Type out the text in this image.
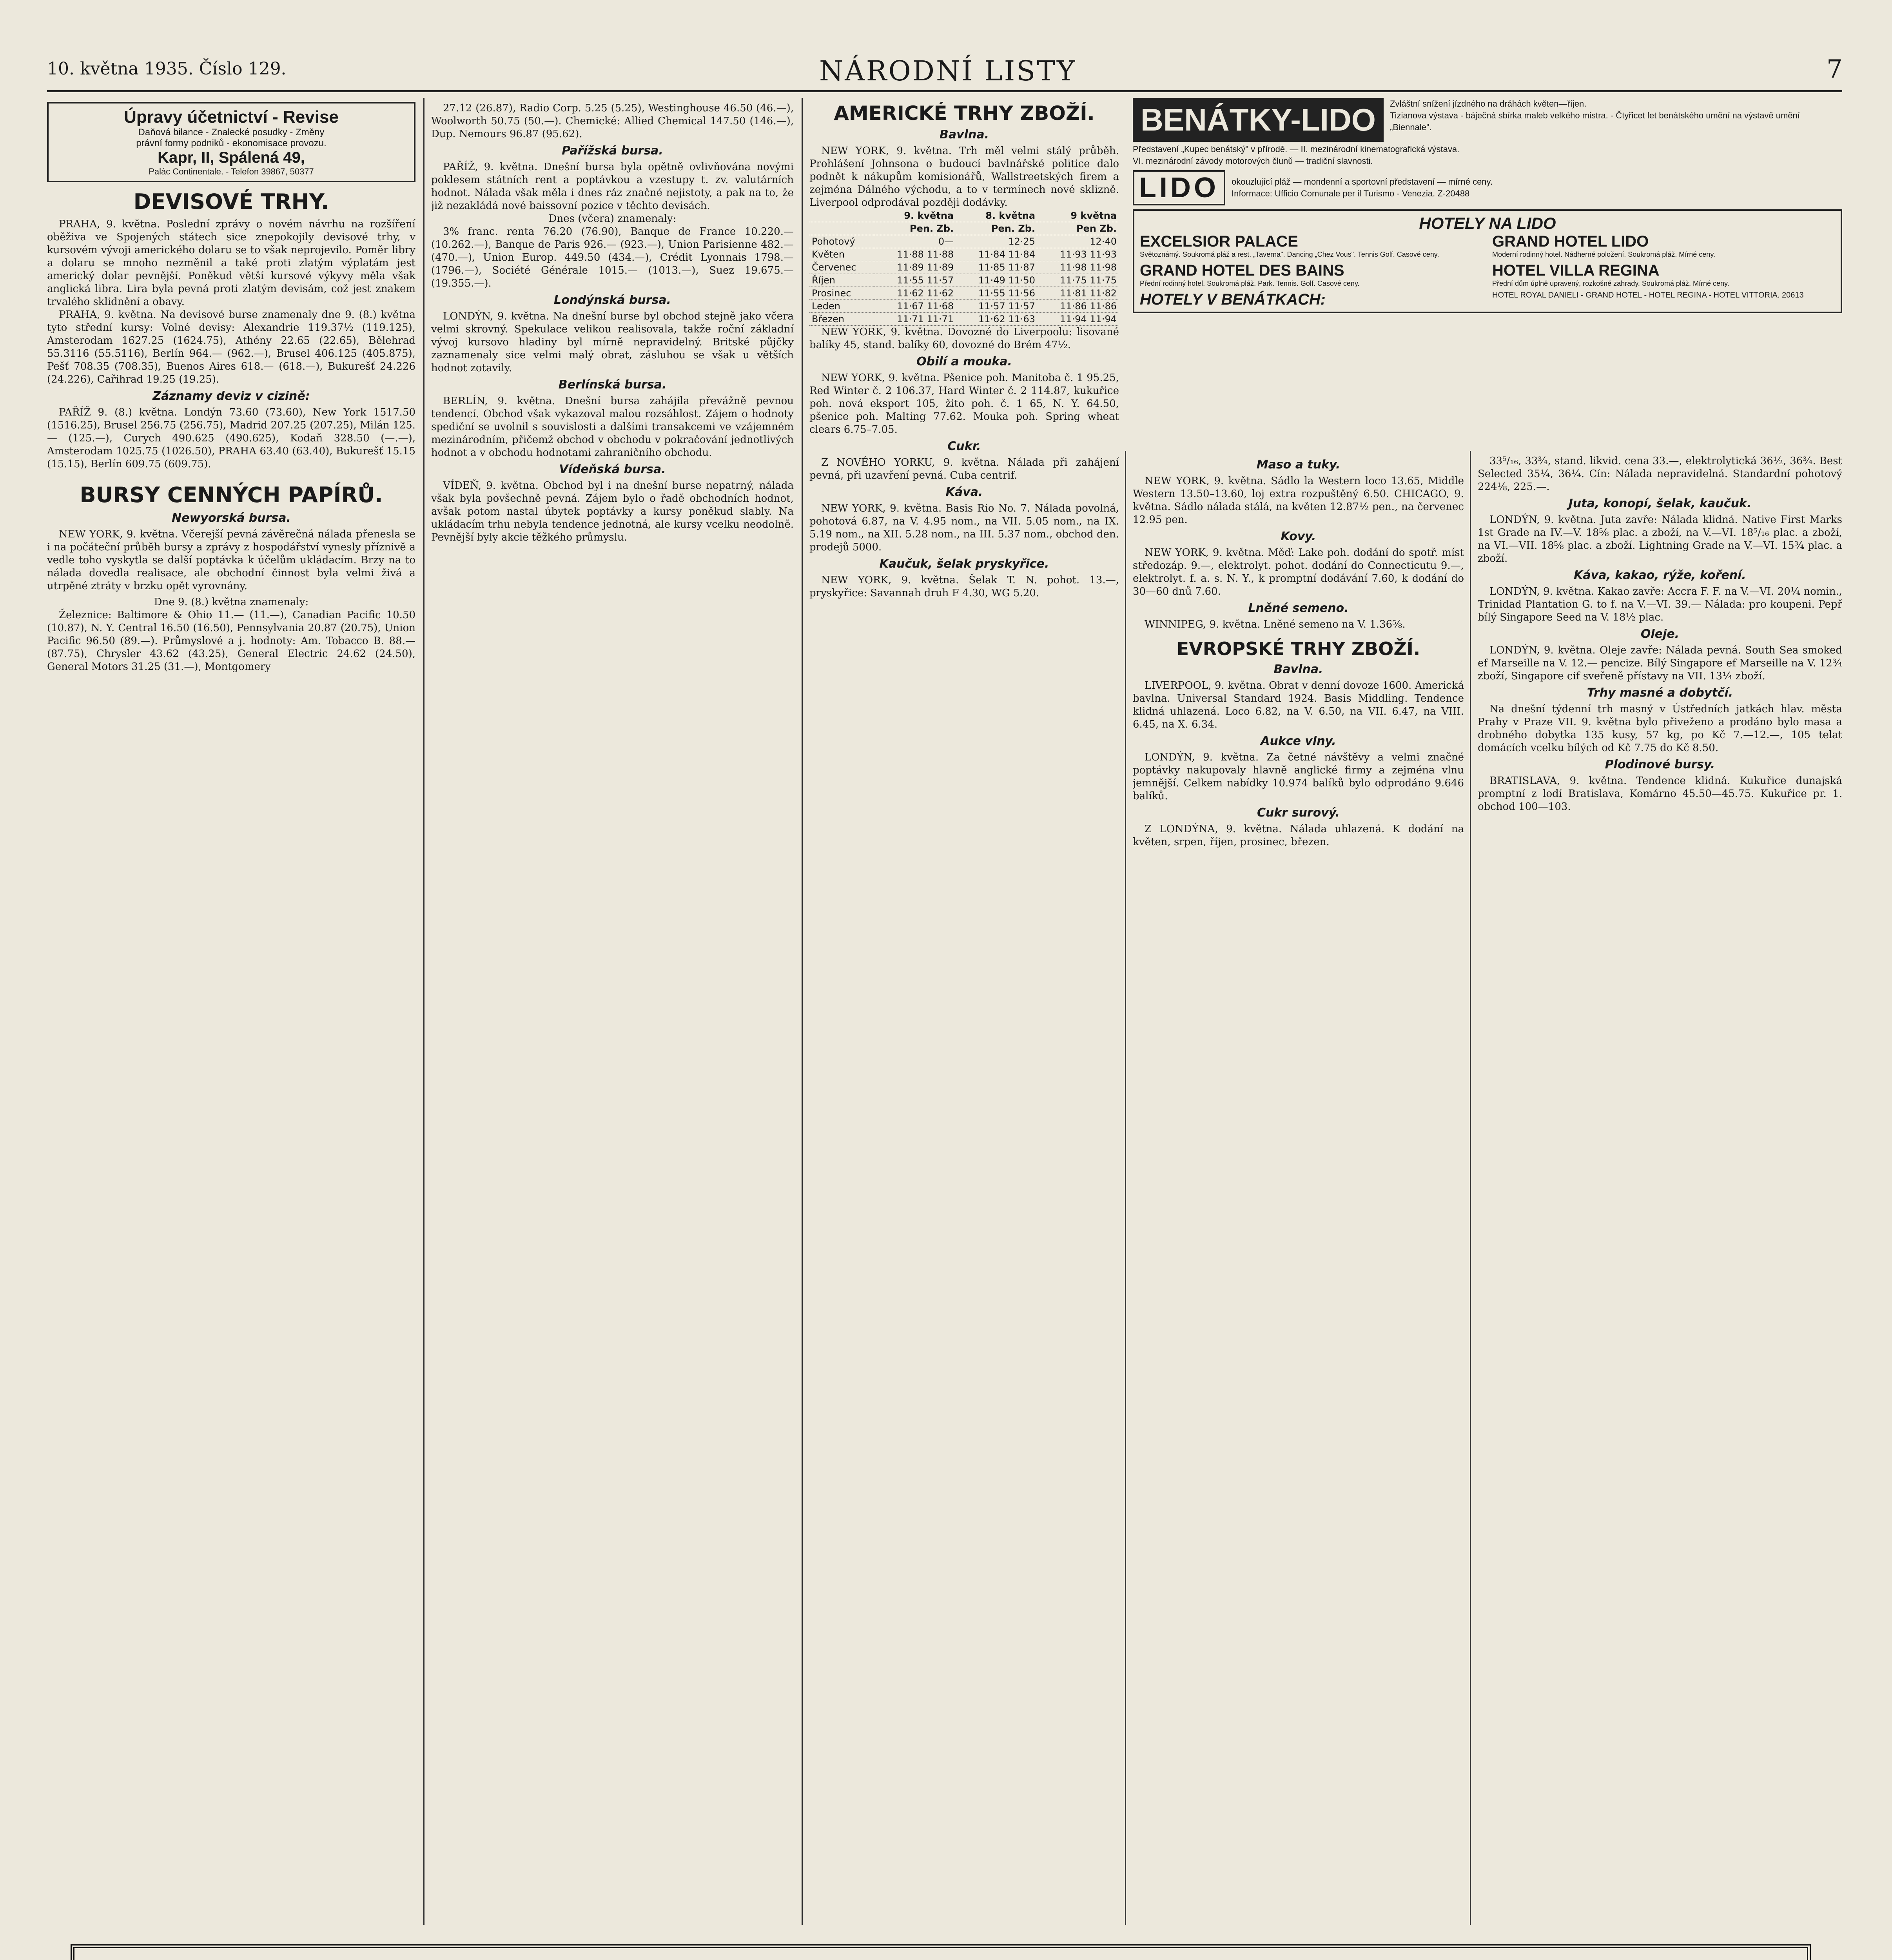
10. května 1935. Číslo 129.	NÁRODNÍ LISTY	7
Úpravy účetnictví - Revise
Daňová bilance - Znalecké posudky - Změny
právní formy podniků - ekonomisace provozu.
Kapr, II, Spálená 49,
Palác Continentale. - Telefon 39867, 50377
DEVISOVÉ TRHY.

PRAHA, 9. května. Poslední zprávy o novém návrhu na rozšíření oběživa ve Spojených státech sice znepokojily devisové trhy, v kursovém vývoji amerického dolaru se to však neprojevilo. Poměr libry a dolaru se mnoho nezměnil a také proti zlatým výplatám jest americký dolar pevnější. Poněkud větší kursové výkyvy měla však anglická libra. Lira byla pevná proti zlatým devisám, což jest znakem trvalého sklidnění a obavy.

PRAHA, 9. května. Na devisové burse znamenaly dne 9. (8.) května tyto střední kursy: Volné devisy: Alexandrie 119.37½ (119.125), Amsterodam 1627.25 (1624.75), Athény 22.65 (22.65), Bělehrad 55.3116 (55.5116), Berlín 964.— (962.—), Brusel 406.125 (405.875), Pešť 708.35 (708.35), Buenos Aires 618.— (618.—), Bukurešť 24.226 (24.226), Cařihrad 19.25 (19.25).

Záznamy deviz v cizině:

PAŘÍŽ 9. (8.) května. Londýn 73.60 (73.60), New York 1517.50 (1516.25), Brusel 256.75 (256.75), Madrid 207.25 (207.25), Milán 125.— (125.—), Curych 490.625 (490.625), Kodaň 328.50 (—.—), Amsterodam 1025.75 (1026.50), PRAHA 63.40 (63.40), Bukurešť 15.15 (15.15), Berlín 609.75 (609.75).

BURSY CENNÝCH PAPÍRŮ.
Newyorská bursa.

NEW YORK, 9. května. Včerejší pevná závěrečná nálada přenesla se i na počáteční průběh bursy a zprávy z hospodářství vynesly příznivě a vedle toho vyskytla se další poptávka k účelům ukládacím. Brzy na to nálada dovedla realisace, ale obchodní činnost byla velmi živá a utrpěné ztráty v brzku opět vyrovnány.

Dne 9. (8.) května znamenaly:

Železnice: Baltimore & Ohio 11.— (11.—), Canadian Pacific 10.50 (10.87), N. Y. Central 16.50 (16.50), Pennsylvania 20.87 (20.75), Union Pacific 96.50 (89.—). Průmyslové a j. hodnoty: Am. Tobacco B. 88.— (87.75), Chrysler 43.62 (43.25), General Electric 24.62 (24.50), General Motors 31.25 (31.—), Montgomery

27.12 (26.87), Radio Corp. 5.25 (5.25), Westinghouse 46.50 (46.—), Woolworth 50.75 (50.—). Chemické: Allied Chemical 147.50 (146.—), Dup. Nemours 96.87 (95.62).

Pařížská bursa.

PAŘÍŽ, 9. května. Dnešní bursa byla opětně ovlivňována novými poklesem státních rent a poptávkou a vzestupy t. zv. valutárních hodnot. Nálada však měla i dnes ráz značné nejistoty, a pak na to, že již nezakládá nové baissovní pozice v těchto devisách.

Dnes (včera) znamenaly:

3% franc. renta 76.20 (76.90), Banque de France 10.220.— (10.262.—), Banque de Paris 926.— (923.—), Union Parisienne 482.— (470.—), Union Europ. 449.50 (434.—), Crédit Lyonnais 1798.— (1796.—), Société Générale 1015.— (1013.—), Suez 19.675.— (19.355.—).

Londýnská bursa.

LONDÝN, 9. května. Na dnešní burse byl obchod stejně jako včera velmi skrovný. Spekulace velikou realisovala, takže roční základní vývoj kursovo hladiny byl mírně nepravidelný. Britské půjčky zaznamenaly sice velmi malý obrat, zásluhou se však u větších hodnot zotavily.

Berlínská bursa.

BERLÍN, 9. května. Dnešní bursa zahájila převážně pevnou tendencí. Obchod však vykazoval malou rozsáhlost. Zájem o hodnoty spediční se uvolnil s souvislosti a dalšími transakcemi ve vzájemném mezinárodním, přičemž obchod v obchodu v pokračování jednotlivých hodnot a v obchodu hodnotami zahraničního obchodu.

Vídeňská bursa.

VÍDEŇ, 9. května. Obchod byl i na dnešní burse nepatrný, nálada však byla povšechně pevná. Zájem bylo o řadě obchodních hodnot, avšak potom nastal úbytek poptávky a kursy poněkud slably. Na ukládacím trhu nebyla tendence jednotná, ale kursy vcelku neodolně. Pevnější byly akcie těžkého průmyslu.

AMERICKÉ TRHY ZBOŽÍ.
Bavlna.

NEW YORK, 9. května. Trh měl velmi stálý průběh. Prohlášení Johnsona o budoucí bavlnářské politice dalo podnět k nákupům komisionářů, Wallstreetských firem a zejména Dálného východu, a to v termínech nové sklizně. Liverpool odprodával později dodávky.

	9. května	8. května	9 května
	Pen. Zb.	Pen. Zb.	Pen Zb.
Pohotový	0—	12·25	12·40
Květen	11·88 11·88	11·84 11·84	11·93 11·93
Červenec	11·89 11·89	11·85 11·87	11·98 11·98
Říjen	11·55 11·57	11·49 11·50	11·75 11·75
Prosinec	11·62 11·62	11·55 11·56	11·81 11·82
Leden	11·67 11·68	11·57 11·57	11·86 11·86
Březen	11·71 11·71	11·62 11·63	11·94 11·94

NEW YORK, 9. května. Dovozné do Liverpoolu: lisované balíky 45, stand. balíky 60, dovozné do Brém 47½.

Obilí a mouka.

NEW YORK, 9. května. Pšenice poh. Manitoba č. 1 95.25, Red Winter č. 2 106.37, Hard Winter č. 2 114.87, kukuřice poh. nová eksport 105, žito poh. č. 1 65, N. Y. 64.50, pšenice poh. Malting 77.62. Mouka poh. Spring wheat clears 6.75–7.05.

Cukr.

Z NOVÉHO YORKU, 9. května. Nálada při zahájení pevná, při uzavření pevná. Cuba centrif.

Káva.

NEW YORK, 9. května. Basis Rio No. 7. Nálada povolná, pohotová 6.87, na V. 4.95 nom., na VII. 5.05 nom., na IX. 5.19 nom., na XII. 5.28 nom., na III. 5.37 nom., obchod den. prodejů 5000.

Kaučuk, šelak pryskyřice.

NEW YORK, 9. května. Šelak T. N. pohot. 13.—, pryskyřice: Savannah druh F 4.30, WG 5.20.

BENÁTKY-LIDO	Zvláštní snížení jízdného na dráhách květen—říjen.
Tizianova výstava - báječná sbírka maleb velkého mistra. - Čtyřicet let benátského umění na výstavě umění „Biennale".
Představení „Kupec benátský" v přírodě. — II. mezinárodní kinematografická výstava.
VI. mezinárodní závody motorových člunů — tradiční slavnosti.
LIDO	okouzlující pláž — mondenní a sportovní představení — mírné ceny.
Informace: Ufficio Comunale per il Turismo - Venezia. Z-20488
HOTELY NA LIDO
EXCELSIOR PALACE
Světoznámý. Soukromá pláž a rest. „Taverna". Dancing „Chez Vous". Tennis Golf. Casové ceny.
GRAND HOTEL LIDO
Moderní rodinný hotel. Nádherné položení. Soukromá pláž. Mírné ceny.
GRAND HOTEL DES BAINS
Přední rodinný hotel. Soukromá pláž. Park. Tennis. Golf. Casové ceny.
HOTEL VILLA REGINA
Přední dům úplně upravený, rozkošné zahrady. Soukromá pláž. Mírné ceny.
HOTELY V BENÁTKACH:	HOTEL ROYAL DANIELI - GRAND HOTEL - HOTEL REGINA - HOTEL VITTORIA. 20613
Maso a tuky.

NEW YORK, 9. května. Sádlo la Western loco 13.65, Middle Western 13.50–13.60, loj extra rozpuštěný 6.50. CHICAGO, 9. května. Sádlo nálada stálá, na květen 12.87½ pen., na červenec 12.95 pen.

Kovy.

NEW YORK, 9. května. Měď: Lake poh. dodání do spotř. míst středozáp. 9.—, elektrolyt. pohot. dodání do Connecticutu 9.—, elektrolyt. f. a. s. N. Y., k promptní dodávání 7.60, k dodání do 30—60 dnů 7.60.

Lněné semeno.

WINNIPEG, 9. května. Lněné semeno na V. 1.36⅝.

EVROPSKÉ TRHY ZBOŽÍ.
Bavlna.

LIVERPOOL, 9. května. Obrat v denní dovoze 1600. Americká bavlna. Universal Standard 1924. Basis Middling. Tendence klidná uhlazená. Loco 6.82, na V. 6.50, na VII. 6.47, na VIII. 6.45, na X. 6.34.

Aukce vlny.

LONDÝN, 9. května. Za četné návštěvy a velmi značné poptávky nakupovaly hlavně anglické firmy a zejména vlnu jemnější. Celkem nabídky 10.974 balíků bylo odprodáno 9.646 balíků.

Cukr surový.

Z LONDÝNA, 9. května. Nálada uhlazená. K dodání na květen, srpen, říjen, prosinec, březen.

33⁵/₁₆, 33¾, stand. likvid. cena 33.—, elektrolytická 36½, 36¾. Best Selected 35¼, 36¼. Cín: Nálada nepravidelná. Standardní pohotový 224⅛, 225.—.

Juta, konopí, šelak, kaučuk.

LONDÝN, 9. května. Juta zavře: Nálada klidná. Native First Marks 1st Grade na IV.—V. 18⅝ plac. a zboží, na V.—VI. 18⁵/₁₆ plac. a zboží, na VI.—VII. 18⅝ plac. a zboží. Lightning Grade na V.—VI. 15¾ plac. a zboží.

Káva, kakao, rýže, koření.

LONDÝN, 9. května. Kakao zavře: Accra F. F. na V.—VI. 20¼ nomin., Trinidad Plantation G. to f. na V.—VI. 39.— Nálada: pro koupeni. Pepř bílý Singapore Seed na V. 18½ plac.

Oleje.

LONDÝN, 9. května. Oleje zavře: Nálada pevná. South Sea smoked ef Marseille na V. 12.— pencize. Bílý Singapore ef Marseille na V. 12¾ zboží, Singapore cif sveřeně přístavy na VII. 13¼ zboží.

Trhy masné a dobytčí.

Na dnešní týdenní trh masný v Ústředních jatkách hlav. města Prahy v Praze VII. 9. května bylo přiveženo a prodáno bylo masa a drobného dobytka 135 kusy, 57 kg, po Kč 7.—12.—, 105 telat domácích vcelku bílých od Kč 7.75 do Kč 8.50.

Plodinové bursy.

BRATISLAVA, 9. května. Tendence klidná. Kukuřice dunajská promptní z lodí Bratislava, Komárno 45.50—45.75. Kukuřice pr. 1. obchod 100—103.
